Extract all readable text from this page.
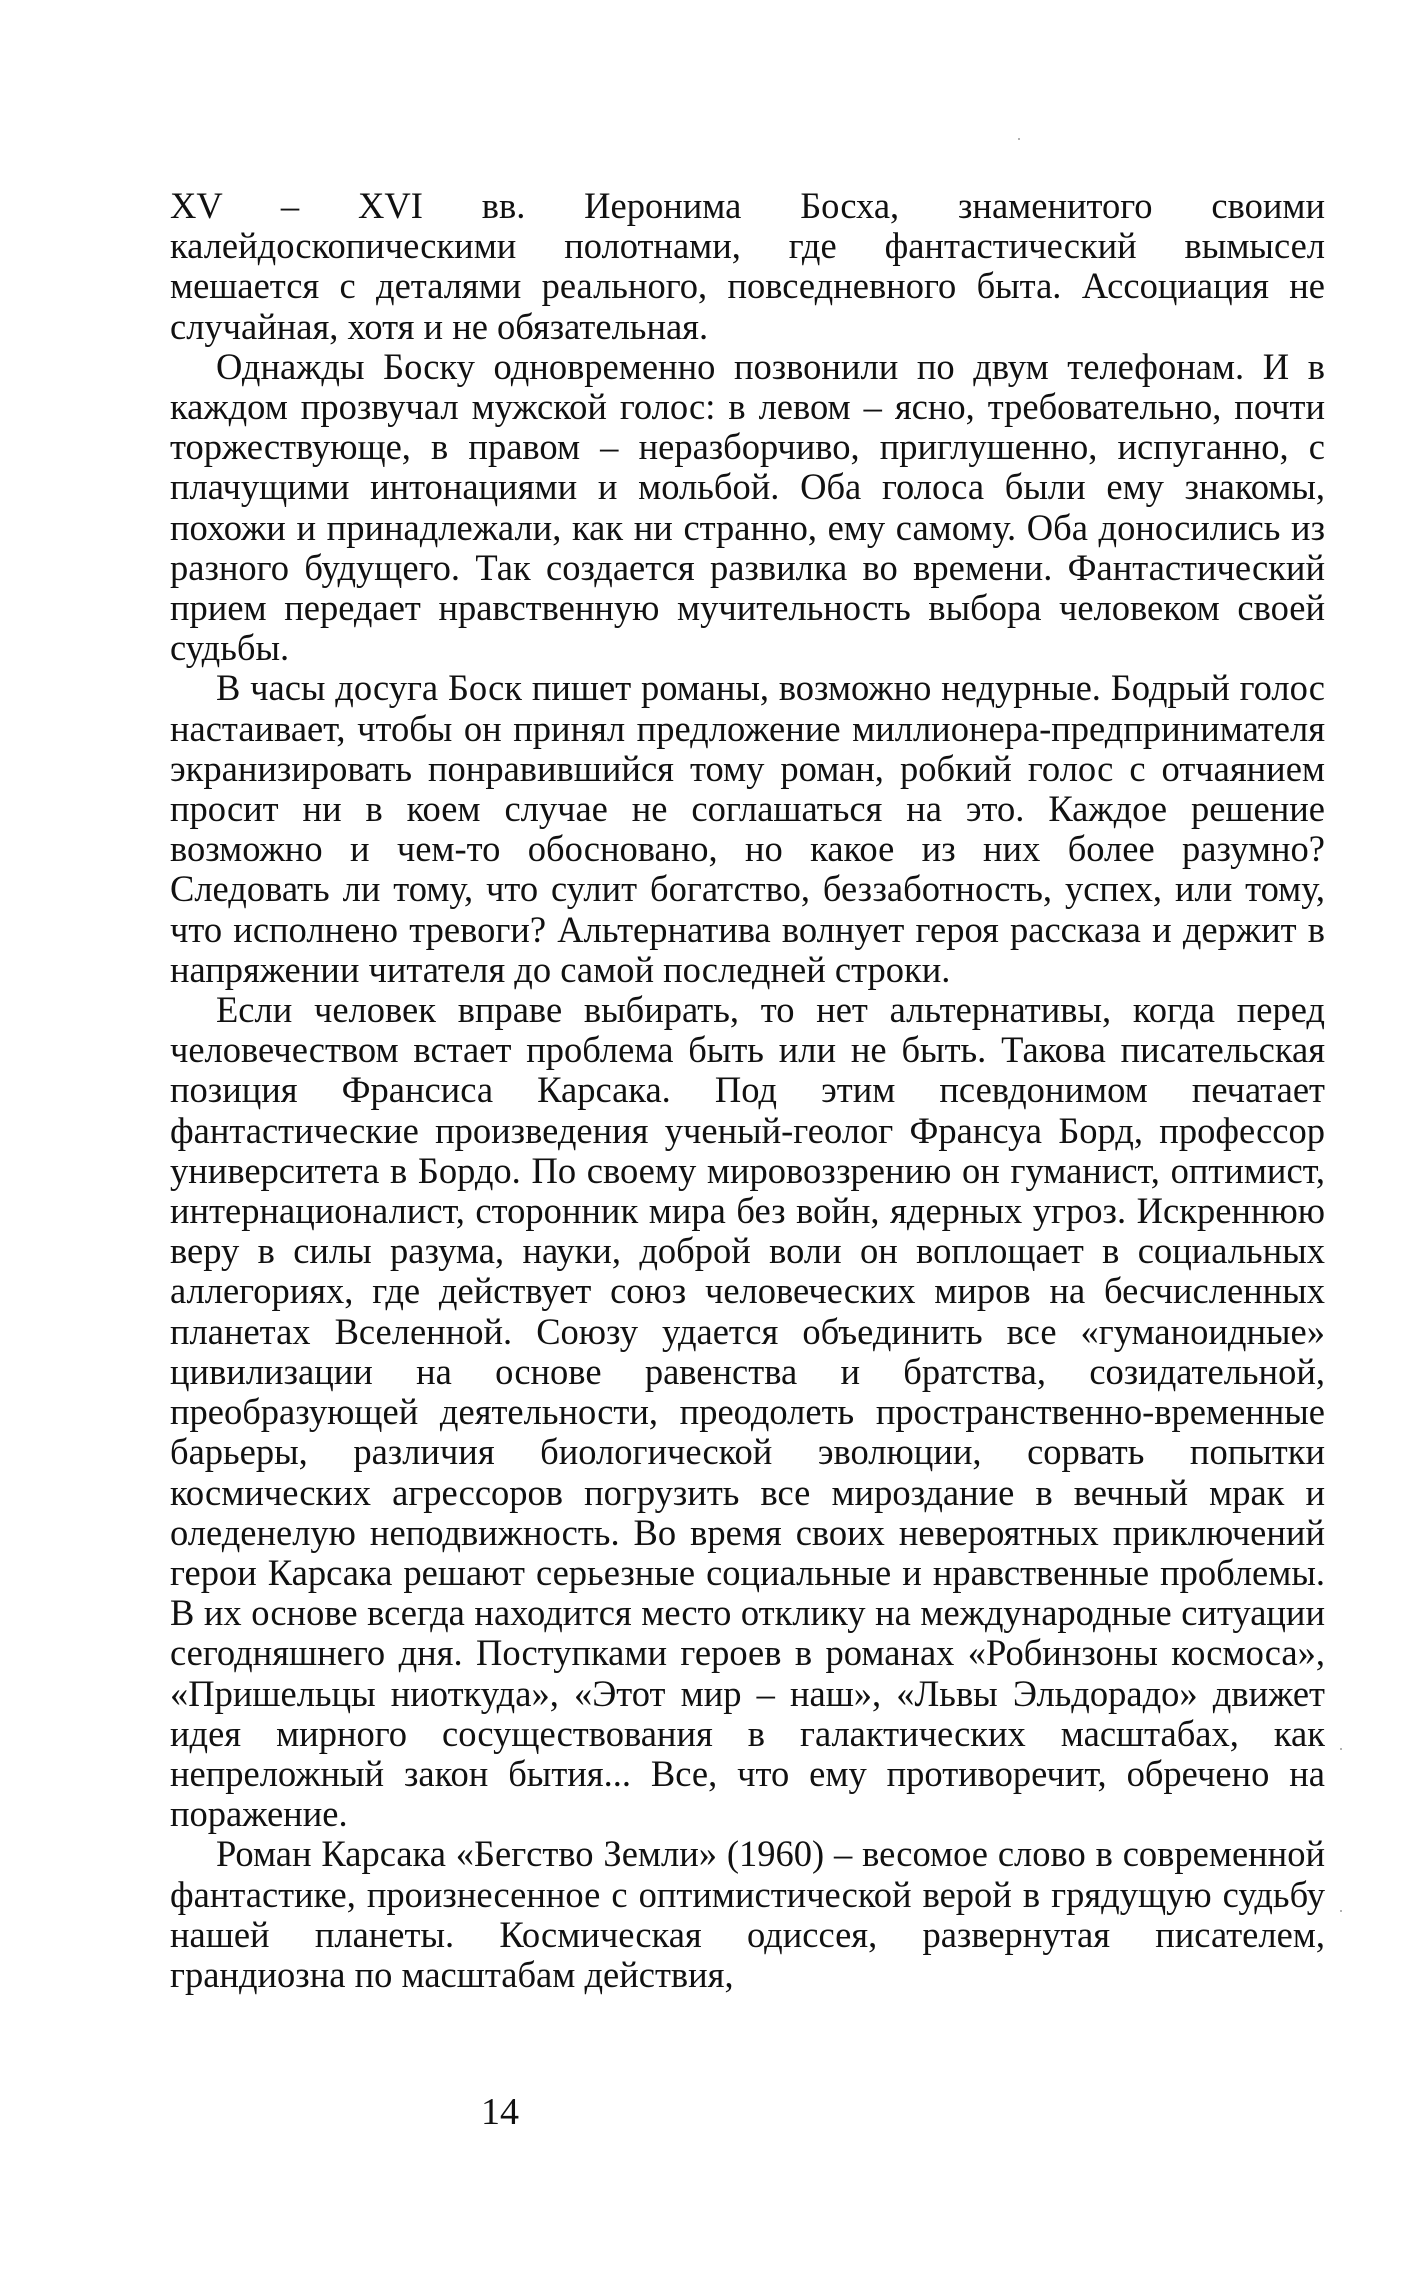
XV – XVI вв. Иеронима Босха, знаменитого своими калейдоскопическими полотнами, где фантастический вымысел мешается с деталями реального, повседневного быта. Ассоциация не случайная, хотя и не обязательная.

Однажды Боску одновременно позвонили по двум телефонам. И в каждом прозвучал мужской голос: в левом – ясно, требовательно, почти торжествующе, в правом – неразборчиво, приглушенно, испуганно, с плачущими интонациями и мольбой. Оба голоса были ему знакомы, похожи и принадлежали, как ни странно, ему самому. Оба доносились из разного будущего. Так создается развилка во времени. Фантастический прием передает нравственную мучительность выбора человеком своей судьбы.

В часы досуга Боск пишет романы, возможно недурные. Бодрый голос настаивает, чтобы он принял предложение миллионера-предпринимателя экранизировать понравившийся тому роман, робкий голос с отчаянием просит ни в коем случае не соглашаться на это. Каждое решение возможно и чем-то обосновано, но какое из них более разумно? Следовать ли тому, что сулит богатство, беззаботность, успех, или тому, что исполнено тревоги? Альтернатива волнует героя рассказа и держит в напряжении читателя до самой последней строки.

Если человек вправе выбирать, то нет альтернативы, когда перед человечеством встает проблема быть или не быть. Такова писательская позиция Франсиса Карсака. Под этим псевдонимом печатает фантастические произведения ученый-геолог Франсуа Борд, профессор университета в Бордо. По своему мировоззрению он гуманист, оптимист, интернационалист, сторонник мира без войн, ядерных угроз. Искреннюю веру в силы разума, науки, доброй воли он воплощает в социальных аллегориях, где действует союз человеческих миров на бесчисленных планетах Вселенной. Союзу удается объединить все «гуманоидные» цивилизации на основе равенства и братства, созидательной, преобразующей деятельности, преодолеть пространственно-временные барьеры, различия биологической эволюции, сорвать попытки космических агрессоров погрузить все мироздание в вечный мрак и оледенелую неподвижность. Во время своих невероятных приключений герои Карсака решают серьезные социальные и нравственные проблемы. В их основе всегда находится место отклику на международные ситуации сегодняшнего дня. Поступками героев в романах «Робинзоны космоса», «Пришельцы ниоткуда», «Этот мир – наш», «Львы Эльдорадо» движет идея мирного сосуществования в галактических масштабах, как непреложный закон бытия... Все, что ему противоречит, обречено на поражение.

Роман Карсака «Бегство Земли» (1960) – весомое слово в современной фантастике, произнесенное с оптимистической верой в грядущую судьбу нашей планеты. Космическая одиссея, развернутая писателем, грандиозна по масштабам действия,

14
